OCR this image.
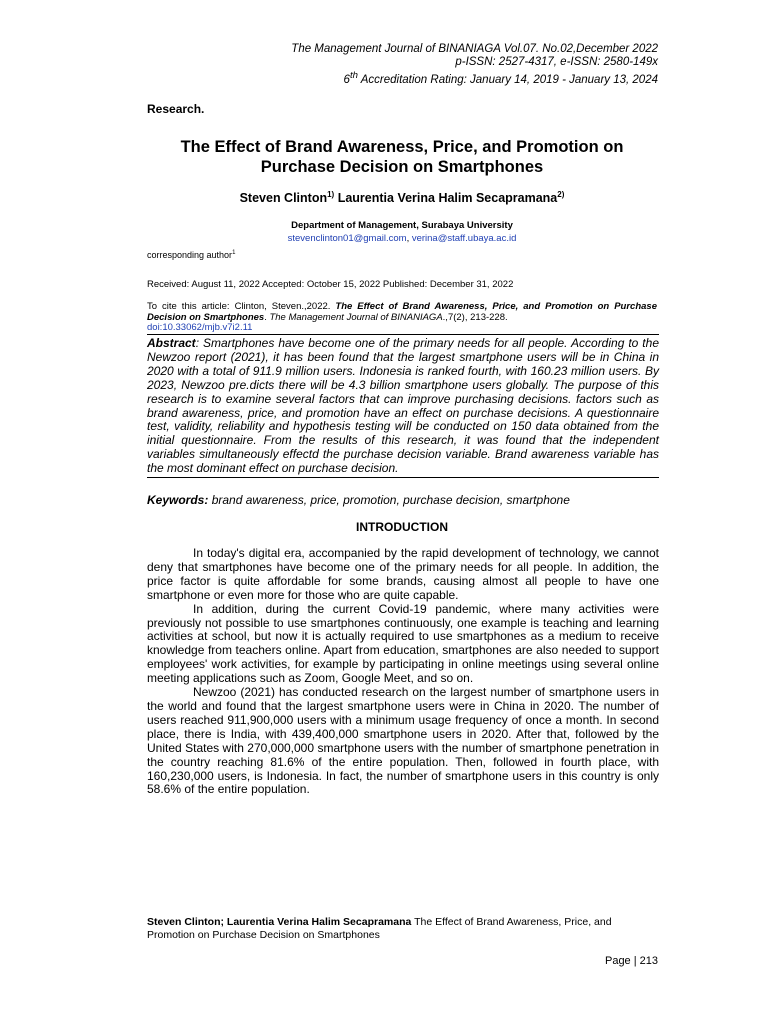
The Management Journal of BINANIAGA Vol.07. No.02,December 2022
p-ISSN: 2527-4317, e-ISSN: 2580-149x
6th Accreditation Rating: January 14, 2019 - January 13, 2024
Research.
The Effect of Brand Awareness, Price, and Promotion on
Purchase Decision on Smartphones
Steven Clinton$^{1)}$ Laurentia Verina Halim Secapramana$^{2)}$
Department of Management, Surabaya University
stevenclinton01@gmail.com, verina@staff.ubaya.ac.id
corresponding author$^1$
Received: August 11, 2022 Accepted: October 15, 2022 Published: December 31, 2022
To cite this article: Clinton, Steven.,2022. The Effect of Brand Awareness, Price, and Promotion on Purchase Decision on Smartphones. The Management Journal of BINANIAGA.,7(2), 213-228.
doi:10.33062/mjb.v7i2.11
Abstract: Smartphones have become one of the primary needs for all people. According to the Newzoo report (2021), it has been found that the largest smartphone users will be in China in 2020 with a total of 911.9 million users. Indonesia is ranked fourth, with 160.23 million users. By 2023, Newzoo pre.dicts there will be 4.3 billion smartphone users globally. The purpose of this research is to examine several factors that can improve purchasing decisions. factors such as brand awareness, price, and promotion have an effect on purchase decisions. A questionnaire test, validity, reliability and hypothesis testing will be conducted on 150 data obtained from the initial questionnaire. From the results of this research, it was found that the independent variables simultaneously effectd the purchase decision variable. Brand awareness variable has the most dominant effect on purchase decision.
Keywords: brand awareness, price, promotion, purchase decision, smartphone
INTRODUCTION

In today's digital era, accompanied by the rapid development of technology, we cannot deny that smartphones have become one of the primary needs for all people. In addition, the price factor is quite affordable for some brands, causing almost all people to have one smartphone or even more for those who are quite capable.

In addition, during the current Covid-19 pandemic, where many activities were previously not possible to use smartphones continuously, one example is teaching and learning activities at school, but now it is actually required to use smartphones as a medium to receive knowledge from teachers online. Apart from education, smartphones are also needed to support employees' work activities, for example by participating in online meetings using several online meeting applications such as Zoom, Google Meet, and so on.

Newzoo (2021) has conducted research on the largest number of smartphone users in the world and found that the largest smartphone users were in China in 2020. The number of users reached 911,900,000 users with a minimum usage frequency of once a month. In second place, there is India, with 439,400,000 smartphone users in 2020. After that, followed by the United States with 270,000,000 smartphone users with the number of smartphone penetration in the country reaching 81.6% of the entire population. Then, followed in fourth place, with 160,230,000 users, is Indonesia. In fact, the number of smartphone users in this country is only 58.6% of the entire population.

Steven Clinton; Laurentia Verina Halim Secapramana The Effect of Brand Awareness, Price, and Promotion on Purchase Decision on Smartphones
Page | 213
